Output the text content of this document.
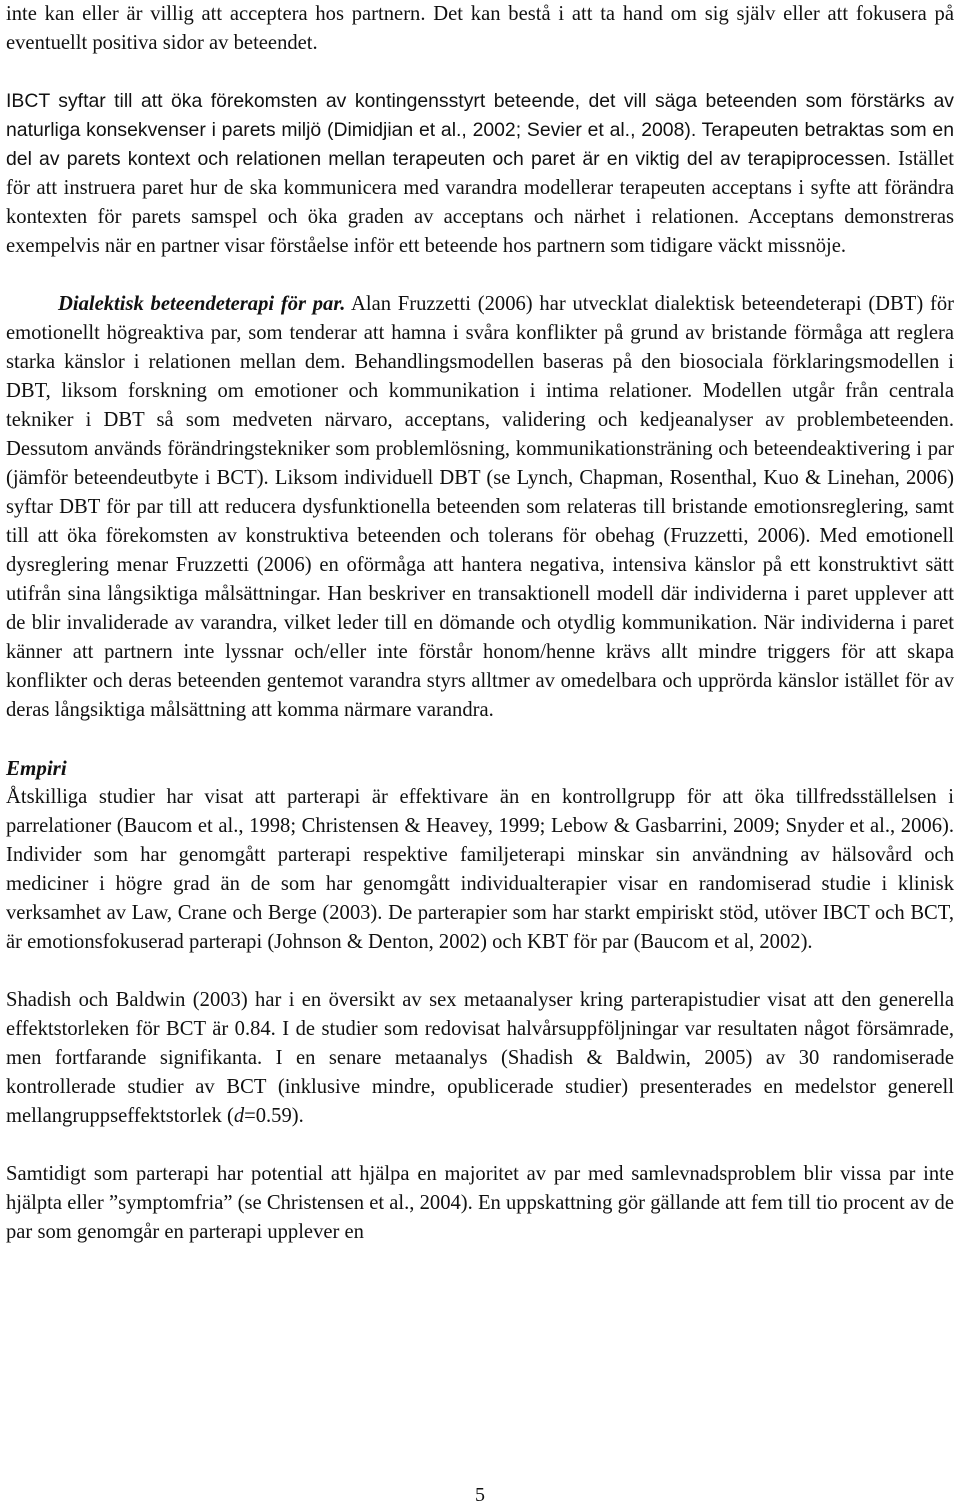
inte kan eller är villig att acceptera hos partnern. Det kan bestå i att ta hand om sig själv eller att fokusera på eventuellt positiva sidor av beteendet.

IBCT syftar till att öka förekomsten av kontingensstyrt beteende, det vill säga beteenden som förstärks av naturliga konsekvenser i parets miljö (Dimidjian et al., 2002; Sevier et al., 2008). Terapeuten betraktas som en del av parets kontext och relationen mellan terapeuten och paret är en viktig del av terapiprocessen. Istället för att instruera paret hur de ska kommunicera med varandra modellerar terapeuten acceptans i syfte att förändra kontexten för parets samspel och öka graden av acceptans och närhet i relationen. Acceptans demonstreras exempelvis när en partner visar förståelse inför ett beteende hos partnern som tidigare väckt missnöje.

Dialektisk beteendeterapi för par. Alan Fruzzetti (2006) har utvecklat dialektisk beteendeterapi (DBT) för emotionellt högreaktiva par, som tenderar att hamna i svåra konflikter på grund av bristande förmåga att reglera starka känslor i relationen mellan dem. Behandlingsmodellen baseras på den biosociala förklaringsmodellen i DBT, liksom forskning om emotioner och kommunikation i intima relationer. Modellen utgår från centrala tekniker i DBT så som medveten närvaro, acceptans, validering och kedjeanalyser av problembeteenden. Dessutom används förändringstekniker som problemlösning, kommunikationsträning och beteendeaktivering i par (jämför beteendeutbyte i BCT). Liksom individuell DBT (se Lynch, Chapman, Rosenthal, Kuo & Linehan, 2006) syftar DBT för par till att reducera dysfunktionella beteenden som relateras till bristande emotionsreglering, samt till att öka förekomsten av konstruktiva beteenden och tolerans för obehag (Fruzzetti, 2006). Med emotionell dysreglering menar Fruzzetti (2006) en oförmåga att hantera negativa, intensiva känslor på ett konstruktivt sätt utifrån sina långsiktiga målsättningar. Han beskriver en transaktionell modell där individerna i paret upplever att de blir invaliderade av varandra, vilket leder till en dömande och otydlig kommunikation. När individerna i paret känner att partnern inte lyssnar och/eller inte förstår honom/henne krävs allt mindre triggers för att skapa konflikter och deras beteenden gentemot varandra styrs alltmer av omedelbara och upprörda känslor istället för av deras långsiktiga målsättning att komma närmare varandra.

Empiri

Åtskilliga studier har visat att parterapi är effektivare än en kontrollgrupp för att öka tillfredsställelsen i parrelationer (Baucom et al., 1998; Christensen & Heavey, 1999; Lebow & Gasbarrini, 2009; Snyder et al., 2006). Individer som har genomgått parterapi respektive familjeterapi minskar sin användning av hälsovård och mediciner i högre grad än de som har genomgått individualterapier visar en randomiserad studie i klinisk verksamhet av Law, Crane och Berge (2003). De parterapier som har starkt empiriskt stöd, utöver IBCT och BCT, är emotionsfokuserad parterapi (Johnson & Denton, 2002) och KBT för par (Baucom et al, 2002).

Shadish och Baldwin (2003) har i en översikt av sex metaanalyser kring parterapistudier visat att den generella effektstorleken för BCT är 0.84. I de studier som redovisat halvårsuppföljningar var resultaten något försämrade, men fortfarande signifikanta. I en senare metaanalys (Shadish & Baldwin, 2005) av 30 randomiserade kontrollerade studier av BCT (inklusive mindre, opublicerade studier) presenterades en medelstor generell mellangruppseffektstorlek (d=0.59).

Samtidigt som parterapi har potential att hjälpa en majoritet av par med samlevnadsproblem blir vissa par inte hjälpta eller ”symptomfria” (se Christensen et al., 2004). En uppskattning gör gällande att fem till tio procent av de par som genomgår en parterapi upplever en

5
